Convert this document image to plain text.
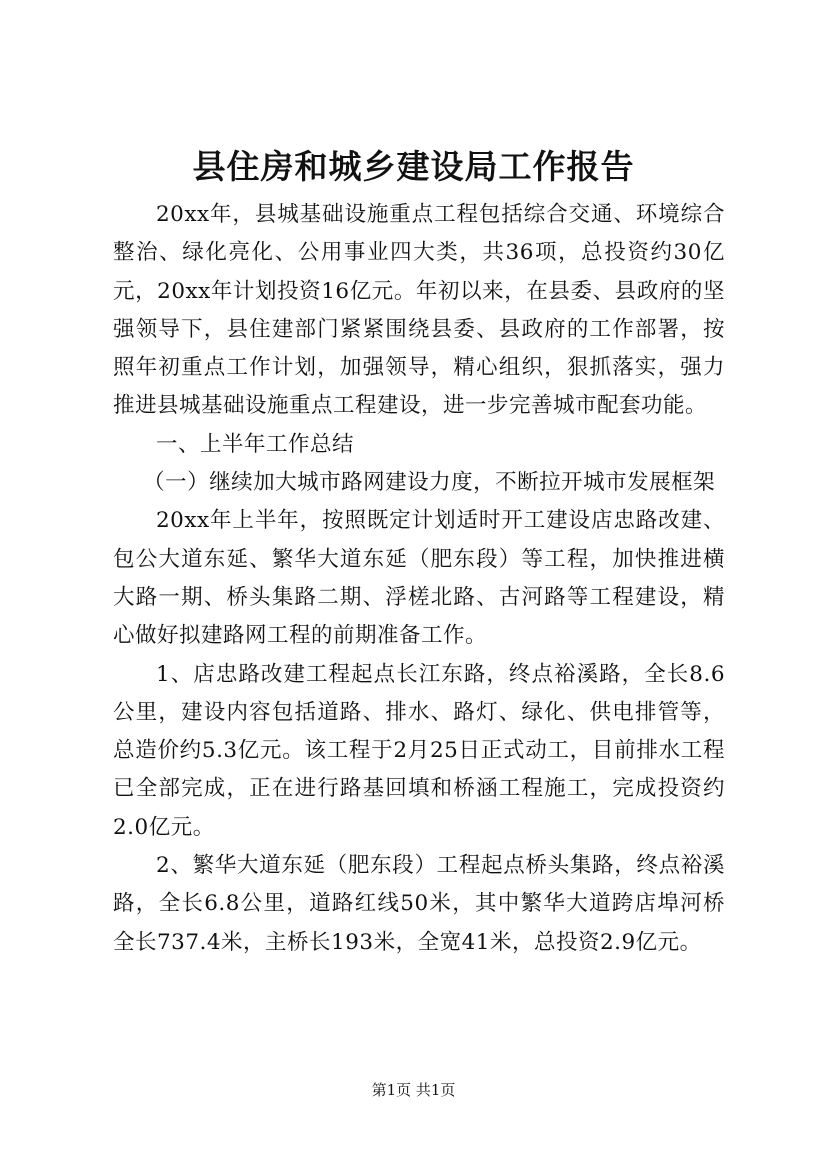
县住房和城乡建设局工作报告

20xx年，县城基础设施重点工程包括综合交通、环境综合整治、绿化亮化、公用事业四大类，共36项，总投资约30亿元，20xx年计划投资16亿元。年初以来，在县委、县政府的坚强领导下，县住建部门紧紧围绕县委、县政府的工作部署，按照年初重点工作计划，加强领导，精心组织，狠抓落实，强力推进县城基础设施重点工程建设，进一步完善城市配套功能。

一、上半年工作总结

（一）继续加大城市路网建设力度，不断拉开城市发展框架

20xx年上半年，按照既定计划适时开工建设店忠路改建、包公大道东延、繁华大道东延（肥东段）等工程，加快推进横大路一期、桥头集路二期、浮槎北路、古河路等工程建设，精心做好拟建路网工程的前期准备工作。

1、店忠路改建工程起点长江东路，终点裕溪路，全长8.6公里，建设内容包括道路、排水、路灯、绿化、供电排管等，总造价约5.3亿元。该工程于2月25日正式动工，目前排水工程已全部完成，正在进行路基回填和桥涵工程施工，完成投资约2.0亿元。

2、繁华大道东延（肥东段）工程起点桥头集路，终点裕溪路，全长6.8公里，道路红线50米，其中繁华大道跨店埠河桥全长737.4米，主桥长193米，全宽41米，总投资2.9亿元。

第1页 共1页
